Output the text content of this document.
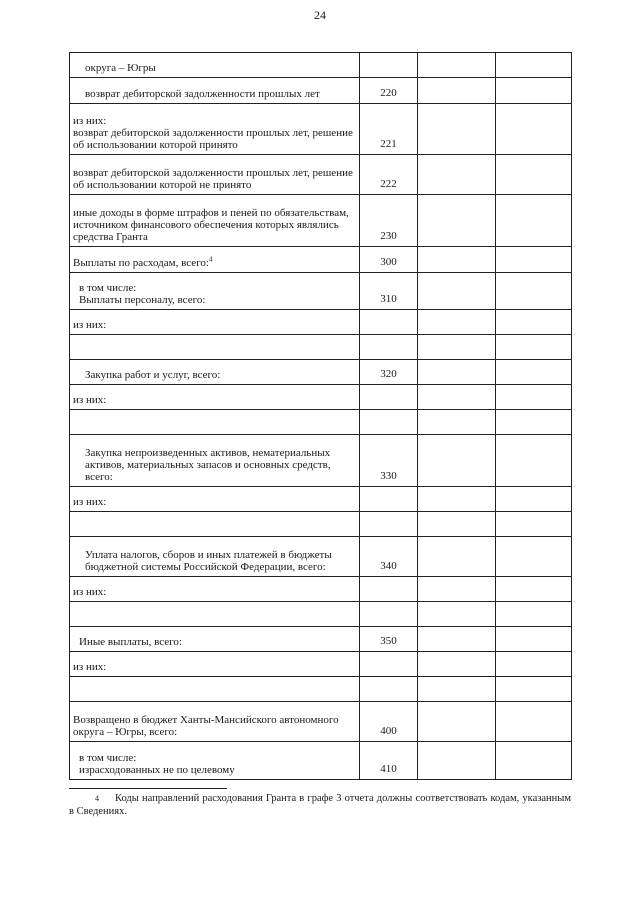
24
округа – Югры			
возврат дебиторской задолженности прошлых лет	220		
из них:
возврат дебиторской задолженности прошлых лет, решение об использовании которой принято	221		
возврат дебиторской задолженности прошлых лет, решение об использовании которой не принято	222		
иные доходы в форме штрафов и пеней по обязательствам, источником финансового обеспечения которых являлись средства Гранта	230		
Выплаты по расходам, всего:$^4$	300		
в том числе:
Выплаты персоналу, всего:	310		
из них:			

Закупка работ и услуг, всего:	320		
из них:			

Закупка непроизведенных активов, нематериальных активов, материальных запасов и основных средств, всего:	330		
из них:			

Уплата налогов, сборов и иных платежей в бюджеты бюджетной системы Российской Федерации, всего:	340		
из них:			

Иные выплаты, всего:	350		
из них:			

Возвращено в бюджет Ханты-Мансийского автономного округа – Югры, всего:	400		
в том числе:
израсходованных не по целевому	410		
$^4$ Коды направлений расходования Гранта в графе 3 отчета должны соответствовать кодам, указанным в Сведениях.
